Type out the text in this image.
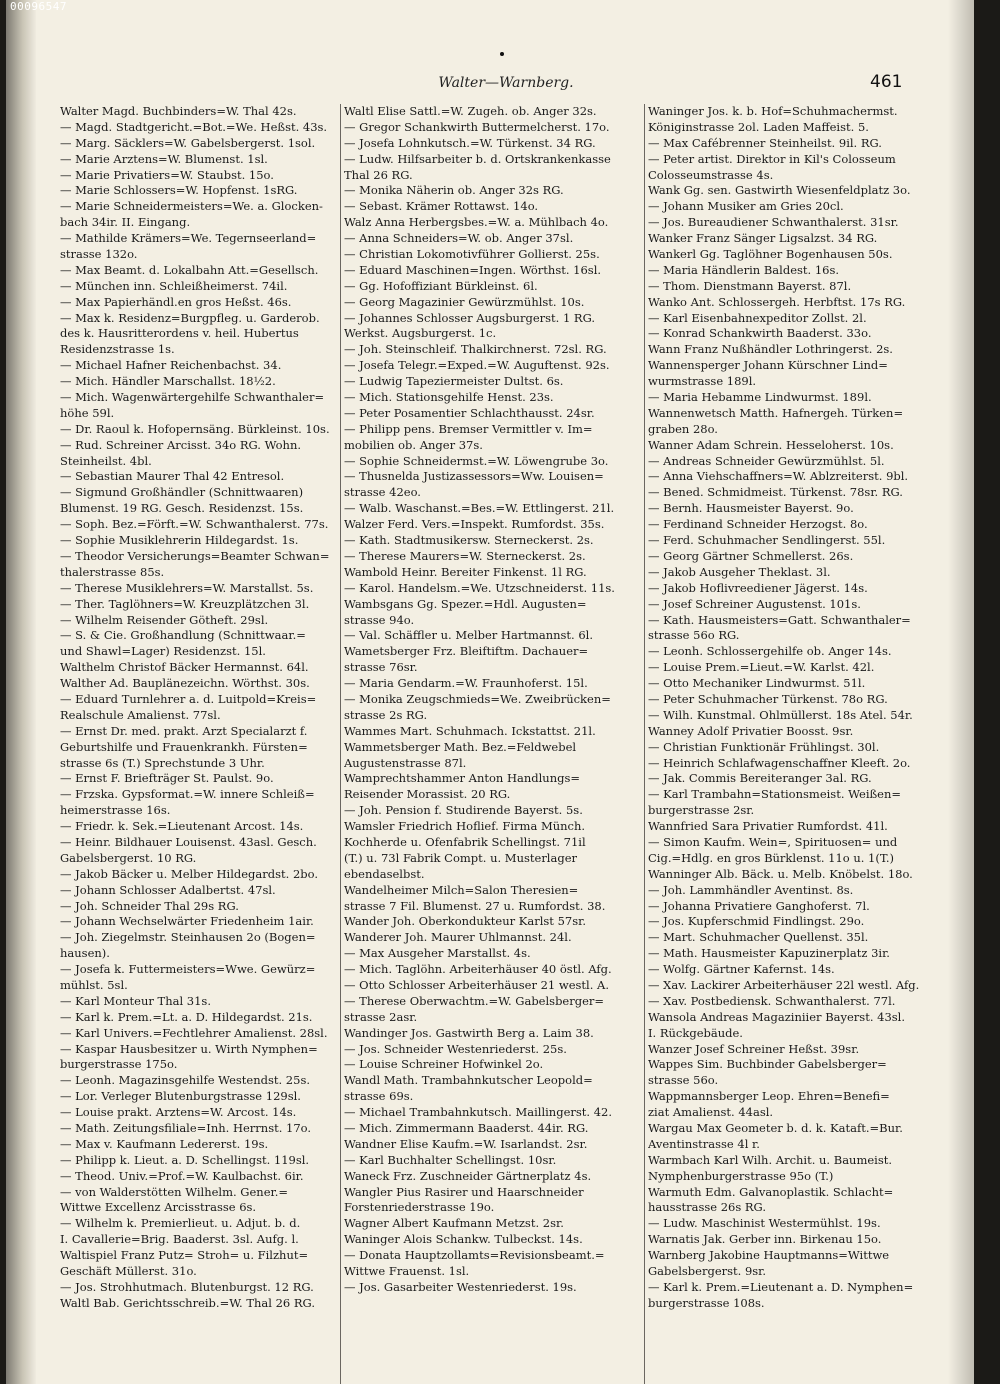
00096547
Walter—Warnberg.	461
Walter Magd. Buchbinders=W. Thal 42s.
— Magd. Stadtgericht.=Bot.=We. Heßst. 43s.
— Marg. Säcklers=W. Gabelsbergerst. 1sol.
— Marie Arztens=W. Blumenst. 1sl.
— Marie Privatiers=W. Staubst. 15o.
— Marie Schlossers=W. Hopfenst. 1sRG.
— Marie Schneidermeisters=We. a. Glocken-
bach 34ir. II. Eingang.
— Mathilde Krämers=We. Tegernseerland=
strasse 132o.
— Max Beamt. d. Lokalbahn Att.=Gesellsch.
— München inn. Schleißheimerst. 74il.
— Max Papierhändl.en gros Heßst. 46s.
— Max k. Residenz=Burgpfleg. u. Garderob.
des k. Hausritterordens v. heil. Hubertus
Residenzstrasse 1s.
— Michael Hafner Reichenbachst. 34.
— Mich. Händler Marschallst. 18½2.
— Mich. Wagenwärtergehilfe Schwanthaler=
höhe 59l.
— Dr. Raoul k. Hofopernsäng. Bürkleinst. 10s.
— Rud. Schreiner Arcisst. 34o RG. Wohn.
Steinheilst. 4bl.
— Sebastian Maurer Thal 42 Entresol.
— Sigmund Großhändler (Schnittwaaren)
Blumenst. 19 RG. Gesch. Residenzst. 15s.
— Soph. Bez.=Förft.=W. Schwanthalerst. 77s.
— Sophie Musiklehrerin Hildegardst. 1s.
— Theodor Versicherungs=Beamter Schwan=
thalerstrasse 85s.
— Therese Musiklehrers=W. Marstallst. 5s.
— Ther. Taglöhners=W. Kreuzplätzchen 3l.
— Wilhelm Reisender Götheft. 29sl.
— S. & Cie. Großhandlung (Schnittwaar.=
und Shawl=Lager) Residenzst. 15l.
Walthelm Christof Bäcker Hermannst. 64l.
Walther Ad. Bauplänezeichn. Wörthst. 30s.
— Eduard Turnlehrer a. d. Luitpold=Kreis=
Realschule Amalienst. 77sl.
— Ernst Dr. med. prakt. Arzt Specialarzt f.
Geburtshilfe und Frauenkrankh. Fürsten=
strasse 6s (T.) Sprechstunde 3 Uhr.
— Ernst F. Briefträger St. Paulst. 9o.
— Frzska. Gypsformat.=W. innere Schleiß=
heimerstrasse 16s.
— Friedr. k. Sek.=Lieutenant Arcost. 14s.
— Heinr. Bildhauer Louisenst. 43asl. Gesch.
Gabelsbergerst. 10 RG.
— Jakob Bäcker u. Melber Hildegardst. 2bo.
— Johann Schlosser Adalbertst. 47sl.
— Joh. Schneider Thal 29s RG.
— Johann Wechselwärter Friedenheim 1air.
— Joh. Ziegelmstr. Steinhausen 2o (Bogen=
hausen).
— Josefa k. Futtermeisters=Wwe. Gewürz=
mühlst. 5sl.
— Karl Monteur Thal 31s.
— Karl k. Prem.=Lt. a. D. Hildegardst. 21s.
— Karl Univers.=Fechtlehrer Amalienst. 28sl.
— Kaspar Hausbesitzer u. Wirth Nymphen=
burgerstrasse 175o.
— Leonh. Magazinsgehilfe Westendst. 25s.
— Lor. Verleger Blutenburgstrasse 129sl.
— Louise prakt. Arztens=W. Arcost. 14s.
— Math. Zeitungsfiliale=Inh. Herrnst. 17o.
— Max v. Kaufmann Ledererst. 19s.
— Philipp k. Lieut. a. D. Schellingst. 119sl.
— Theod. Univ.=Prof.=W. Kaulbachst. 6ir.
— von Walderstötten Wilhelm. Gener.=
Wittwe Excellenz Arcisstrasse 6s.
— Wilhelm k. Premierlieut. u. Adjut. b. d.
I. Cavallerie=Brig. Baaderst. 3sl. Aufg. l.
Waltispiel Franz Putz= Stroh= u. Filzhut=
Geschäft Müllerst. 31o.
— Jos. Strohhutmach. Blutenburgst. 12 RG.
Waltl Bab. Gerichtsschreib.=W. Thal 26 RG.
Waltl Elise Sattl.=W. Zugeh. ob. Anger 32s.
— Gregor Schankwirth Buttermelcherst. 17o.
— Josefa Lohnkutsch.=W. Türkenst. 34 RG.
— Ludw. Hilfsarbeiter b. d. Ortskrankenkasse
Thal 26 RG.
— Monika Näherin ob. Anger 32s RG.
— Sebast. Krämer Rottawst. 14o.
Walz Anna Herbergsbes.=W. a. Mühlbach 4o.
— Anna Schneiders=W. ob. Anger 37sl.
— Christian Lokomotivführer Gollierst. 25s.
— Eduard Maschinen=Ingen. Wörthst. 16sl.
— Gg. Hofoffiziant Bürkleinst. 6l.
— Georg Magazinier Gewürzmühlst. 10s.
— Johannes Schlosser Augsburgerst. 1 RG.
Werkst. Augsburgerst. 1c.
— Joh. Steinschleif. Thalkirchnerst. 72sl. RG.
— Josefa Telegr.=Exped.=W. Auguftenst. 92s.
— Ludwig Tapeziermeister Dultst. 6s.
— Mich. Stationsgehilfe Henst. 23s.
— Peter Posamentier Schlachthausst. 24sr.
— Philipp pens. Bremser Vermittler v. Im=
mobilien ob. Anger 37s.
— Sophie Schneidermst.=W. Löwengrube 3o.
— Thusnelda Justizassessors=Ww. Louisen=
strasse 42eo.
— Walb. Waschanst.=Bes.=W. Ettlingerst. 21l.
Walzer Ferd. Vers.=Inspekt. Rumfordst. 35s.
— Kath. Stadtmusikersw. Sterneckerst. 2s.
— Therese Maurers=W. Sterneckerst. 2s.
Wambold Heinr. Bereiter Finkenst. 1l RG.
— Karol. Handelsm.=We. Utzschneiderst. 11s.
Wambsgans Gg. Spezer.=Hdl. Augusten=
strasse 94o.
— Val. Schäffler u. Melber Hartmannst. 6l.
Wametsberger Frz. Bleiftiftm. Dachauer=
strasse 76sr.
— Maria Gendarm.=W. Fraunhoferst. 15l.
— Monika Zeugschmieds=We. Zweibrücken=
strasse 2s RG.
Wammes Mart. Schuhmach. Ickstattst. 21l.
Wammetsberger Math. Bez.=Feldwebel
Augustenstrasse 87l.
Wamprechtshammer Anton Handlungs=
Reisender Morassist. 20 RG.
— Joh. Pension f. Studirende Bayerst. 5s.
Wamsler Friedrich Hoflief. Firma Münch.
Kochherde u. Ofenfabrik Schellingst. 71il
(T.) u. 73l Fabrik Compt. u. Musterlager
ebendaselbst.
Wandelheimer Milch=Salon Theresien=
strasse 7 Fil. Blumenst. 27 u. Rumfordst. 38.
Wander Joh. Oberkondukteur Karlst 57sr.
Wanderer Joh. Maurer Uhlmannst. 24l.
— Max Ausgeher Marstallst. 4s.
— Mich. Taglöhn. Arbeiterhäuser 40 östl. Afg.
— Otto Schlosser Arbeiterhäuser 21 westl. A.
— Therese Oberwachtm.=W. Gabelsberger=
strasse 2asr.
Wandinger Jos. Gastwirth Berg a. Laim 38.
— Jos. Schneider Westenriederst. 25s.
— Louise Schreiner Hofwinkel 2o.
Wandl Math. Trambahnkutscher Leopold=
strasse 69s.
— Michael Trambahnkutsch. Maillingerst. 42.
— Mich. Zimmermann Baaderst. 44ir. RG.
Wandner Elise Kaufm.=W. Isarlandst. 2sr.
— Karl Buchhalter Schellingst. 10sr.
Waneck Frz. Zuschneider Gärtnerplatz 4s.
Wangler Pius Rasirer und Haarschneider
Forstenriederstrasse 19o.
Wagner Albert Kaufmann Metzst. 2sr.
Waninger Alois Schankw. Tulbeckst. 14s.
— Donata Hauptzollamts=Revisionsbeamt.=
Wittwe Frauenst. 1sl.
— Jos. Gasarbeiter Westenriederst. 19s.
Waninger Jos. k. b. Hof=Schuhmachermst.
Königinstrasse 2ol. Laden Maffeist. 5.
— Max Cafébrenner Steinheilst. 9il. RG.
— Peter artist. Direktor in Kil's Colosseum
Colosseumstrasse 4s.
Wank Gg. sen. Gastwirth Wiesenfeldplatz 3o.
— Johann Musiker am Gries 20cl.
— Jos. Bureaudiener Schwanthalerst. 31sr.
Wanker Franz Sänger Ligsalzst. 34 RG.
Wankerl Gg. Taglöhner Bogenhausen 50s.
— Maria Händlerin Baldest. 16s.
— Thom. Dienstmann Bayerst. 87l.
Wanko Ant. Schlossergeh. Herbftst. 17s RG.
— Karl Eisenbahnexpeditor Zollst. 2l.
— Konrad Schankwirth Baaderst. 33o.
Wann Franz Nußhändler Lothringerst. 2s.
Wannensperger Johann Kürschner Lind=
wurmstrasse 189l.
— Maria Hebamme Lindwurmst. 189l.
Wannenwetsch Matth. Hafnergeh. Türken=
graben 28o.
Wanner Adam Schrein. Hesseloherst. 10s.
— Andreas Schneider Gewürzmühlst. 5l.
— Anna Viehschaffners=W. Ablzreiterst. 9bl.
— Bened. Schmidmeist. Türkenst. 78sr. RG.
— Bernh. Hausmeister Bayerst. 9o.
— Ferdinand Schneider Herzogst. 8o.
— Ferd. Schuhmacher Sendlingerst. 55l.
— Georg Gärtner Schmellerst. 26s.
— Jakob Ausgeher Theklast. 3l.
— Jakob Hoflivreediener Jägerst. 14s.
— Josef Schreiner Augustenst. 101s.
— Kath. Hausmeisters=Gatt. Schwanthaler=
strasse 56o RG.
— Leonh. Schlossergehilfe ob. Anger 14s.
— Louise Prem.=Lieut.=W. Karlst. 42l.
— Otto Mechaniker Lindwurmst. 51l.
— Peter Schuhmacher Türkenst. 78o RG.
— Wilh. Kunstmal. Ohlmüllerst. 18s Atel. 54r.
Wanney Adolf Privatier Boosst. 9sr.
— Christian Funktionär Frühlingst. 30l.
— Heinrich Schlafwagenschaffner Kleeft. 2o.
— Jak. Commis Bereiteranger 3al. RG.
— Karl Trambahn=Stationsmeist. Weißen=
burgerstrasse 2sr.
Wannfried Sara Privatier Rumfordst. 41l.
— Simon Kaufm. Wein=, Spirituosen= und
Cig.=Hdlg. en gros Bürklenst. 11o u. 1(T.)
Wanninger Alb. Bäck. u. Melb. Knöbelst. 18o.
— Joh. Lammhändler Aventinst. 8s.
— Johanna Privatiere Ganghoferst. 7l.
— Jos. Kupferschmid Findlingst. 29o.
— Mart. Schuhmacher Quellenst. 35l.
— Math. Hausmeister Kapuzinerplatz 3ir.
— Wolfg. Gärtner Kafernst. 14s.
— Xav. Lackirer Arbeiterhäuser 22l westl. Afg.
— Xav. Postbediensk. Schwanthalerst. 77l.
Wansola Andreas Magaziniier Bayerst. 43sl.
I. Rückgebäude.
Wanzer Josef Schreiner Heßst. 39sr.
Wappes Sim. Buchbinder Gabelsberger=
strasse 56o.
Wappmannsberger Leop. Ehren=Benefi=
ziat Amalienst. 44asl.
Wargau Max Geometer b. d. k. Kataft.=Bur.
Aventinstrasse 4l r.
Warmbach Karl Wilh. Archit. u. Baumeist.
Nymphenburgerstrasse 95o (T.)
Warmuth Edm. Galvanoplastik. Schlacht=
hausstrasse 26s RG.
— Ludw. Maschinist Westermühlst. 19s.
Warnatis Jak. Gerber inn. Birkenau 15o.
Warnberg Jakobine Hauptmanns=Wittwe
Gabelsbergerst. 9sr.
— Karl k. Prem.=Lieutenant a. D. Nymphen=
burgerstrasse 108s.
